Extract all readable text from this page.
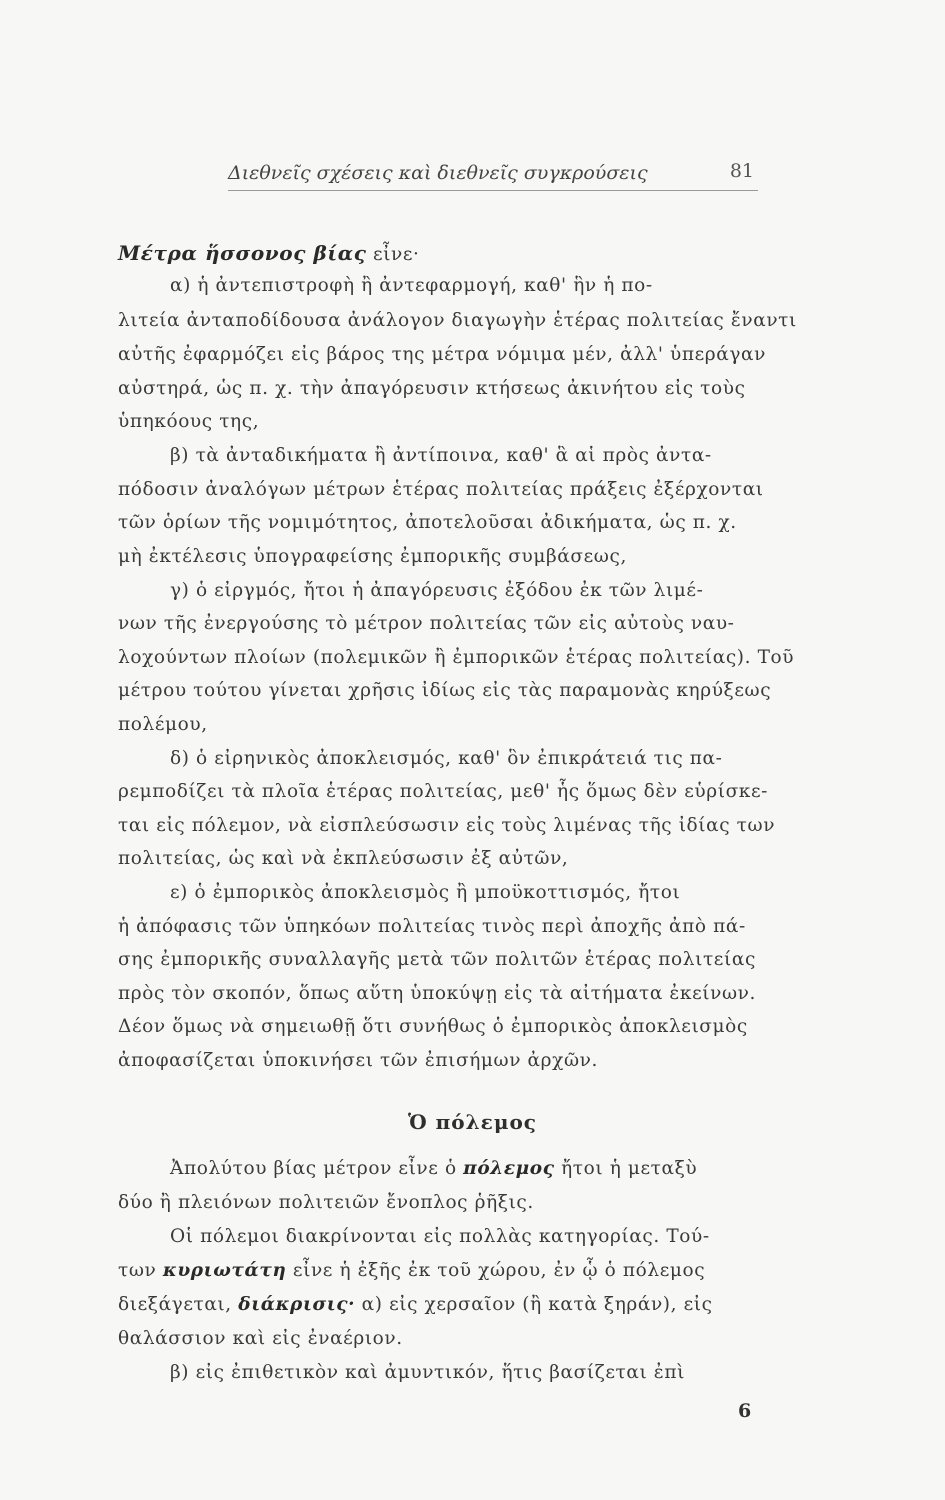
Διεθνεῖς σχέσεις καὶ διεθνεῖς συγκρούσεις	81
Μέτρα ἥσσονος βίας εἶνε·
α) ἡ ἀντεπιστροφὴ ἢ ἀντεφαρμογή, καθ' ἣν ἡ πο-
λιτεία ἀνταποδίδουσα ἀνάλογον διαγωγὴν ἑτέρας πολιτείας ἔναντι
αὐτῆς ἐφαρμόζει εἰς βάρος της μέτρα νόμιμα μέν, ἀλλ' ὑπεράγαν
αὐστηρά, ὡς π. χ. τὴν ἀπαγόρευσιν κτήσεως ἀκινήτου εἰς τοὺς
ὑπηκόους της,
β) τὰ ἀνταδικήματα ἢ ἀντίποινα, καθ' ἃ αἱ πρὸς ἀντα-
πόδοσιν ἀναλόγων μέτρων ἑτέρας πολιτείας πράξεις ἐξέρχονται
τῶν ὁρίων τῆς νομιμότητος, ἀποτελοῦσαι ἀδικήματα, ὡς π. χ.
μὴ ἐκτέλεσις ὑπογραφείσης ἐμπορικῆς συμβάσεως,
γ) ὁ εἰργμός, ἤτοι ἡ ἀπαγόρευσις ἐξόδου ἐκ τῶν λιμέ-
νων τῆς ἐνεργούσης τὸ μέτρον πολιτείας τῶν εἰς αὐτοὺς ναυ-
λοχούντων πλοίων (πολεμικῶν ἢ ἐμπορικῶν ἑτέρας πολιτείας). Τοῦ
μέτρου τούτου γίνεται χρῆσις ἰδίως εἰς τὰς παραμονὰς κηρύξεως
πολέμου,
δ) ὁ εἰρηνικὸς ἀποκλεισμός, καθ' ὃν ἐπικράτειά τις πα-
ρεμποδίζει τὰ πλοῖα ἑτέρας πολιτείας, μεθ' ἧς ὅμως δὲν εὑρίσκε-
ται εἰς πόλεμον, νὰ εἰσπλεύσωσιν εἰς τοὺς λιμένας τῆς ἰδίας των
πολιτείας, ὡς καὶ νὰ ἐκπλεύσωσιν ἐξ αὐτῶν,
ε) ὁ ἐμπορικὸς ἀποκλεισμὸς ἢ μποϋκοττισμός, ἤτοι
ἡ ἀπόφασις τῶν ὑπηκόων πολιτείας τινὸς περὶ ἀποχῆς ἀπὸ πά-
σης ἐμπορικῆς συναλλαγῆς μετὰ τῶν πολιτῶν ἑτέρας πολιτείας
πρὸς τὸν σκοπόν, ὅπως αὕτη ὑποκύψῃ εἰς τὰ αἰτήματα ἐκείνων.
Δέον ὅμως νὰ σημειωθῇ ὅτι συνήθως ὁ ἐμπορικὸς ἀποκλεισμὸς
ἀποφασίζεται ὑποκινήσει τῶν ἐπισήμων ἀρχῶν.
Ὁ πόλεμος
Ἀπολύτου βίας μέτρον εἶνε ὁ πόλεμος ἤτοι ἡ μεταξὺ
δύο ἢ πλειόνων πολιτειῶν ἔνοπλος ῥῆξις.
Οἱ πόλεμοι διακρίνονται εἰς πολλὰς κατηγορίας. Τού-
των κυριωτάτη εἶνε ἡ ἐξῆς ἐκ τοῦ χώρου, ἐν ᾧ ὁ πόλεμος
διεξάγεται, διάκρισις· α) εἰς χερσαῖον (ἢ κατὰ ξηράν), εἰς
θαλάσσιον καὶ εἰς ἐναέριον.
β) εἰς ἐπιθετικὸν καὶ ἀμυντικόν, ἥτις βασίζεται ἐπὶ
6
